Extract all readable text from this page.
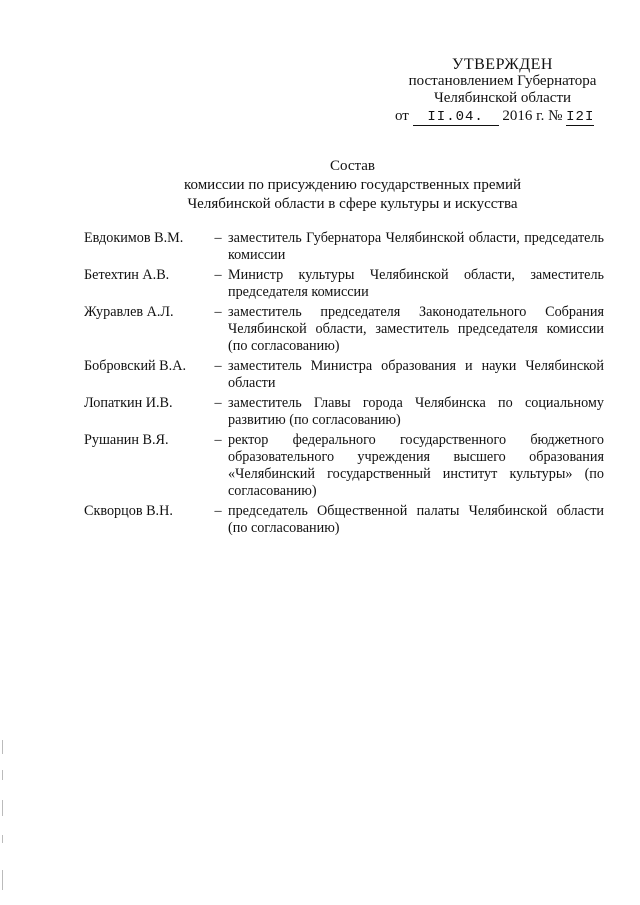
УТВЕРЖДЕН
постановлением Губернатора
Челябинской области
от II.04. 2016 г. № I2I
Состав
комиссии по присуждению государственных премий
Челябинской области в сфере культуры и искусства
Евдокимов В.М.	– заместитель Губернатора Челябинской области, председатель комиссии
Бетехтин А.В.	– Министр культуры Челябинской области, заместитель председателя комиссии
Журавлев А.Л.	– заместитель председателя Законодательного Собрания Челябинской области, заместитель председателя комиссии (по согласованию)
Бобровский В.А.	– заместитель Министра образования и науки Челябинской области
Лопаткин И.В.	– заместитель Главы города Челябинска по социальному развитию (по согласованию)
Рушанин В.Я.	– ректор федерального государственного бюджетного образовательного учреждения высшего образования «Челябинский государственный институт культуры» (по согласованию)
Скворцов В.Н.	– председатель Общественной палаты Челябинской области (по согласованию)
